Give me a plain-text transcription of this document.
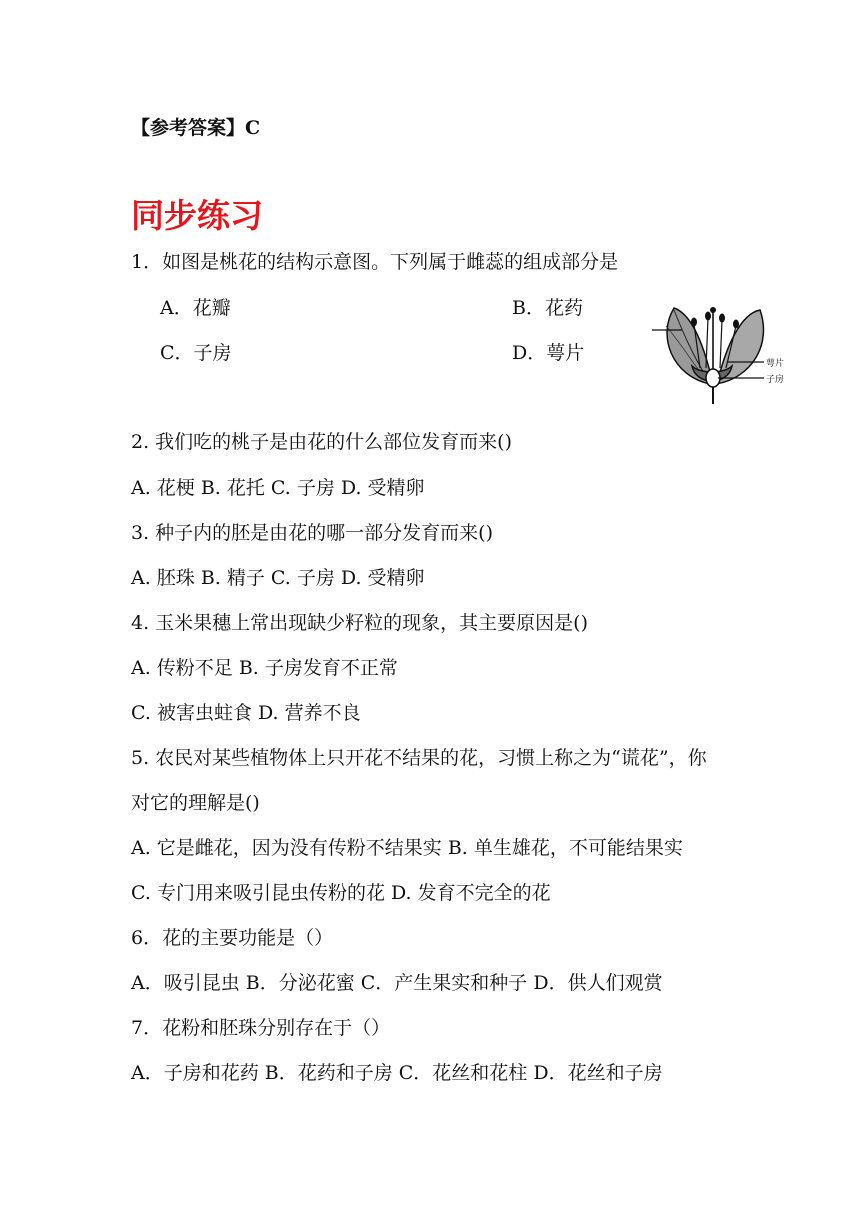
【参考答案】C
同步练习
1．如图是桃花的结构示意图。下列属于雌蕊的组成部分是
A．花瓣	B．花药
C．子房	D．萼片	萼片
子房
2. 我们吃的桃子是由花的什么部位发育而来()
A. 花梗 B. 花托 C. 子房 D. 受精卵
3. 种子内的胚是由花的哪一部分发育而来()
A. 胚珠 B. 精子 C. 子房 D. 受精卵
4. 玉米果穗上常出现缺少籽粒的现象，其主要原因是()
A. 传粉不足 B. 子房发育不正常
C. 被害虫蛀食 D. 营养不良
5. 农民对某些植物体上只开花不结果的花，习惯上称之为“谎花”，你
对它的理解是()
A. 它是雌花，因为没有传粉不结果实 B. 单生雄花，不可能结果实
C. 专门用来吸引昆虫传粉的花 D. 发育不完全的花
6．花的主要功能是（）
A．吸引昆虫 B．分泌花蜜 C．产生果实和种子 D．供人们观赏
7．花粉和胚珠分别存在于（）
A．子房和花药 B．花药和子房 C．花丝和花柱 D．花丝和子房
